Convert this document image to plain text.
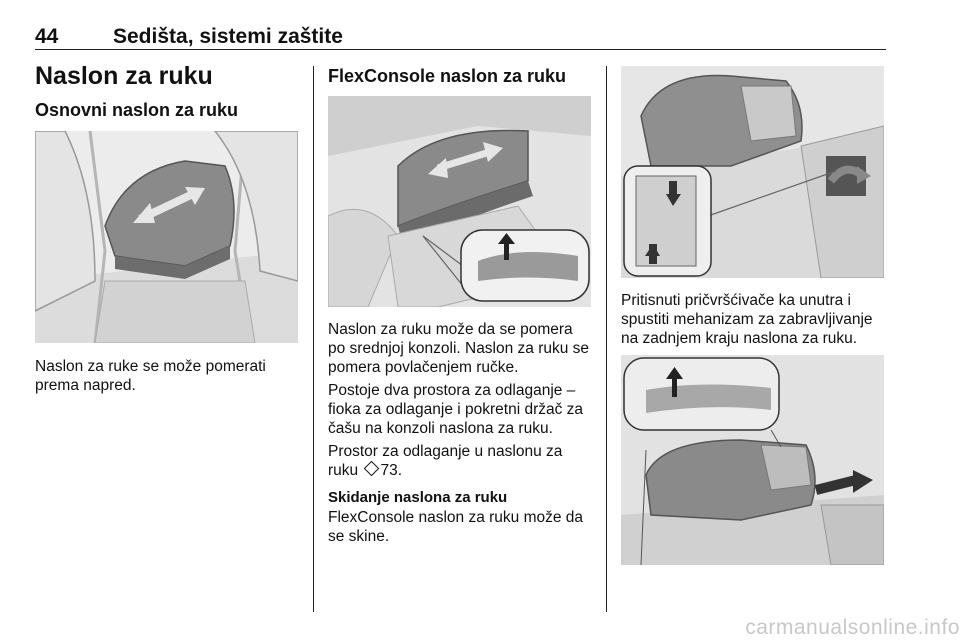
44	Sedišta, sistemi zaštite
Naslon za ruku
Osnovni naslon za ruku
Naslon za ruke se može pomerati
prema napred.
FlexConsole naslon za ruku
Naslon za ruku može da se pomera
po srednjoj konzoli. Naslon za ruku se
pomera povlačenjem ručke.
Postoje dva prostora za odlaganje –
fioka za odlaganje i pokretni držač za
čašu na konzoli naslona za ruku.
Prostor za odlaganje u naslonu za
ruku 73.
Skidanje naslona za ruku
FlexConsole naslon za ruku može da
se skine.
Pritisnuti pričvršćivače ka unutra i
spustiti mehanizam za zabravljivanje
na zadnjem kraju naslona za ruku.
carmanualsonline.info
